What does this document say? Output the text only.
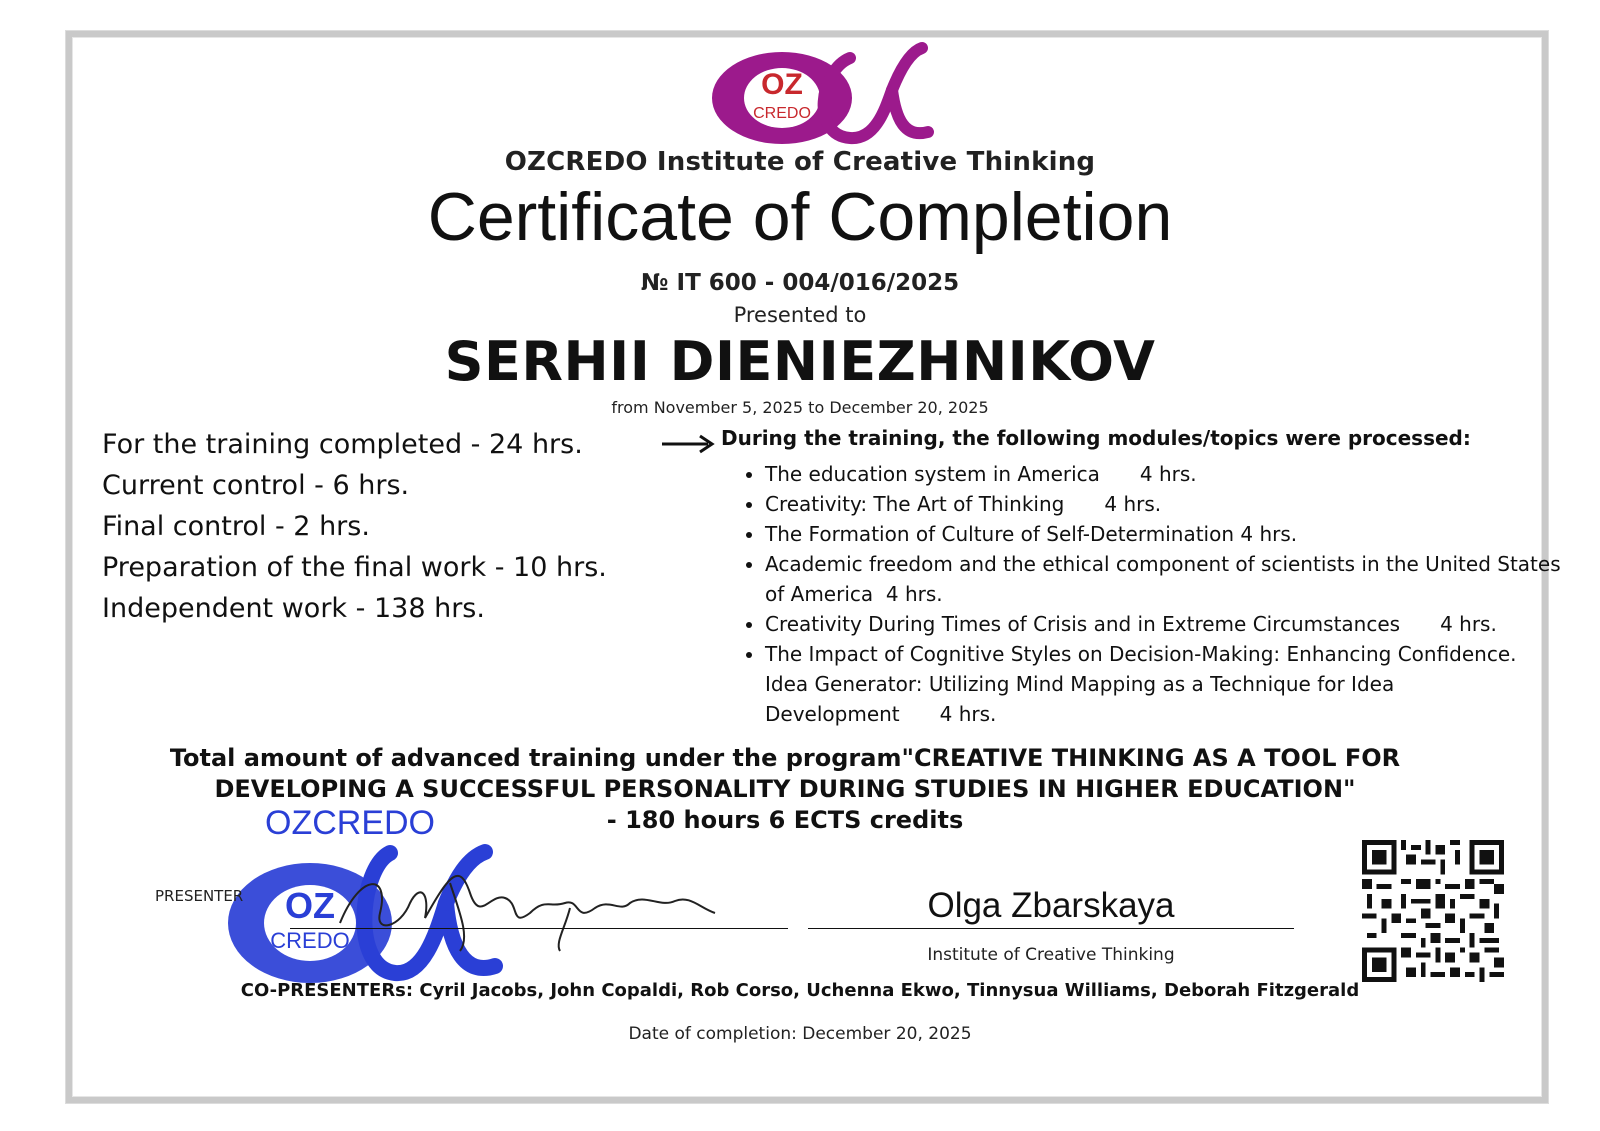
OZ
CREDO
OZCREDO Institute of Creative Thinking
Certificate of Completion
№ IT 600 - 004/016/2025
Presented to
SERHII DIENIEZHNIKOV
from November 5, 2025 to December 20, 2025
For the training completed - 24 hrs.
Current control - 6 hrs.
Final control - 2 hrs.
Preparation of the final work - 10 hrs.
Independent work - 138 hrs.
During the training, the following modules/topics were processed:
• The education system in America 4 hrs.
• Creativity: The Art of Thinking 4 hrs.
• The Formation of Culture of Self-Determination 4 hrs.
• Academic freedom and the ethical component of scientists in the United States of America 4 hrs.
• Creativity During Times of Crisis and in Extreme Circumstances 4 hrs.
• The Impact of Cognitive Styles on Decision-Making: Enhancing Confidence. Idea Generator: Utilizing Mind Mapping as a Technique for Idea Development 4 hrs.
Total amount of advanced training under the program"CREATIVE THINKING AS A TOOL FOR
DEVELOPING A SUCCESSFUL PERSONALITY DURING STUDIES IN HIGHER EDUCATION"
- 180 hours 6 ECTS credits
OZCREDO
OZ
CREDO
PRESENTER	Olga Zbarskaya
Institute of Creative Thinking
CO-PRESENTERs: Cyril Jacobs, John Copaldi, Rob Corso, Uchenna Ekwo, Tinnysua Williams, Deborah Fitzgerald
Date of completion: December 20, 2025
